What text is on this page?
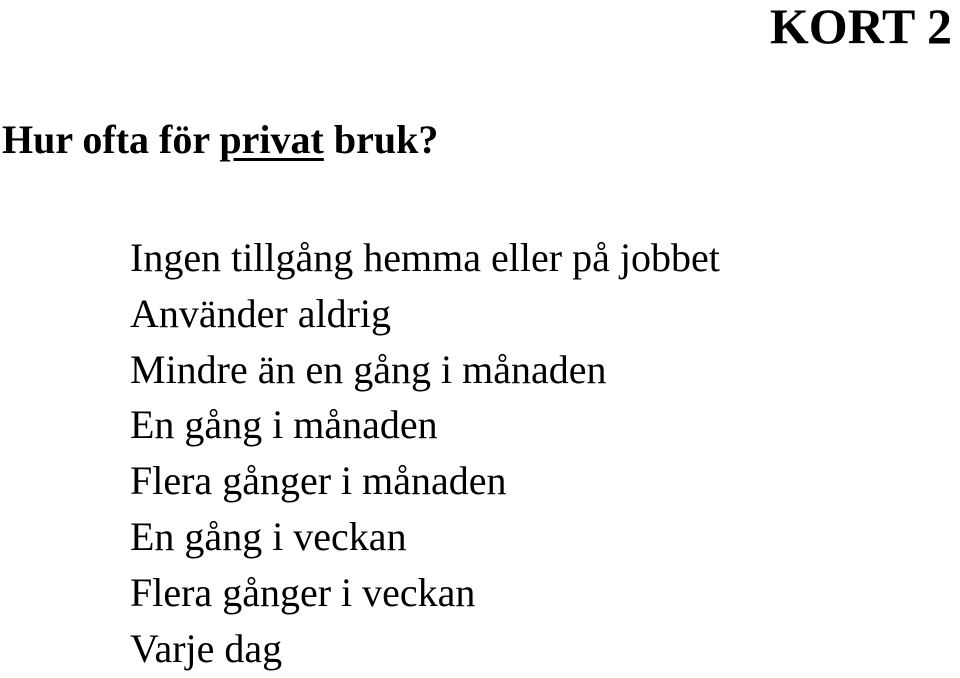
KORT 2
Hur ofta för privat bruk?
Ingen tillgång hemma eller på jobbet
Använder aldrig
Mindre än en gång i månaden
En gång i månaden
Flera gånger i månaden
En gång i veckan
Flera gånger i veckan
Varje dag
